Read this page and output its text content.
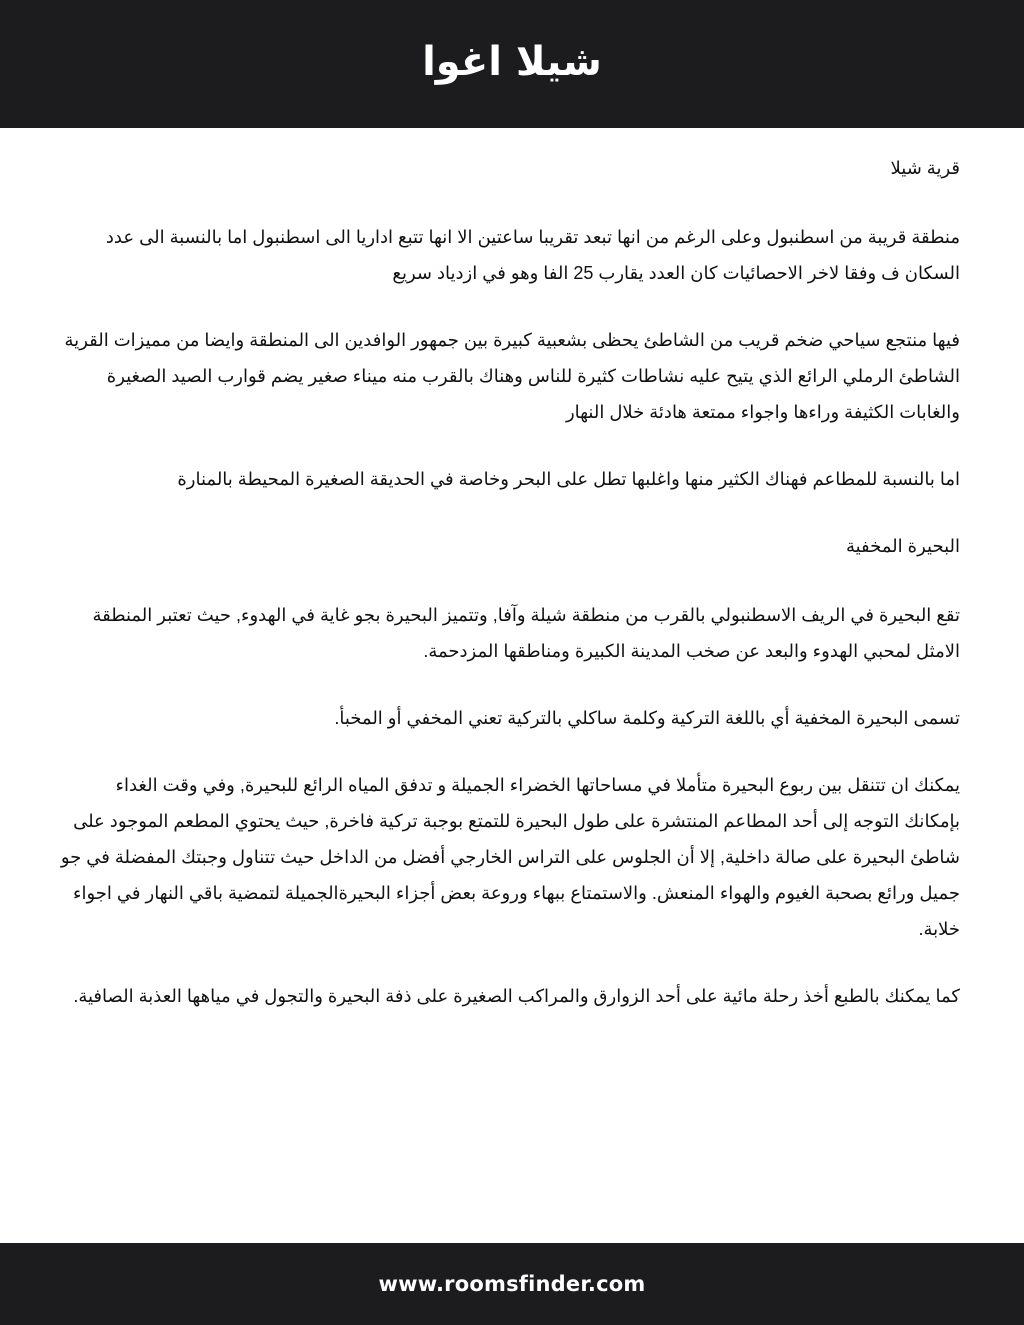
شيلا اغوا

قرية شيلا

منطقة قريبة من اسطنبول وعلى الرغم من انها تبعد تقريبا ساعتين الا انها تتبع اداريا الى اسطنبول اما بالنسبة الى عدد السكان ف وفقا لاخر الاحصائيات كان العدد يقارب 25 الفا وهو في ازدياد سريع

فيها منتجع سياحي ضخم قريب من الشاطئ يحظى بشعبية كبيرة بين جمهور الوافدين الى المنطقة وايضا من مميزات القرية الشاطئ الرملي الرائع الذي يتيح عليه نشاطات كثيرة للناس وهناك بالقرب منه ميناء صغير يضم قوارب الصيد الصغيرة والغابات الكثيفة وراءها واجواء ممتعة هادئة خلال النهار

اما بالنسبة للمطاعم فهناك الكثير منها واغلبها تطل على البحر وخاصة في الحديقة الصغيرة المحيطة بالمنارة

البحيرة المخفية

تقع البحيرة في الريف الاسطنبولي بالقرب من منطقة شيلة وآفا, وتتميز البحيرة بجو غاية في الهدوء, حيث تعتبر المنطقة الامثل لمحبي الهدوء والبعد عن صخب المدينة الكبيرة ومناطقها المزدحمة.

تسمى البحيرة المخفية أي باللغة التركية وكلمة ساكلي بالتركية تعني المخفي أو المخبأ.

يمكنك ان تتنقل بين ربوع البحيرة متأملا في مساحاتها الخضراء الجميلة و تدفق المياه الرائع للبحيرة, وفي وقت الغداء بإمكانك التوجه إلى أحد المطاعم المنتشرة على طول البحيرة للتمتع بوجبة تركية فاخرة, حيث يحتوي المطعم الموجود على شاطئ البحيرة على صالة داخلية, إلا أن الجلوس على التراس الخارجي أفضل من الداخل حيث تتناول وجبتك المفضلة في جو جميل ورائع بصحبة الغيوم والهواء المنعش. والاستمتاع ببهاء وروعة بعض أجزاء البحيرةالجميلة لتمضية باقي النهار في اجواء خلابة.

كما يمكنك بالطبع أخذ رحلة مائية على أحد الزوارق والمراكب الصغيرة على ذفة البحيرة والتجول في مياهها العذبة الصافية.

www.roomsfinder.com
